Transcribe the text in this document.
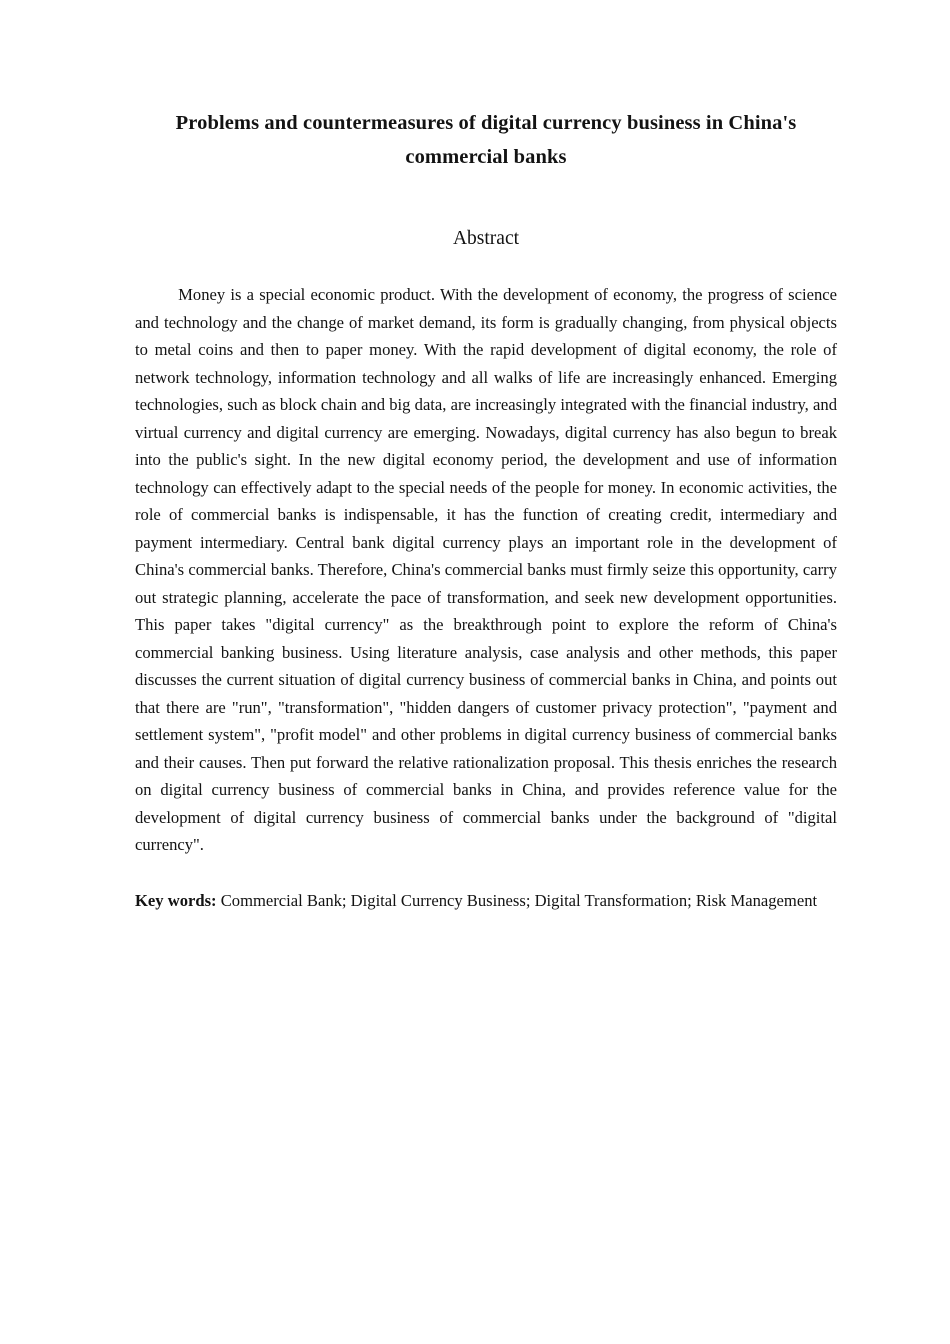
Problems and countermeasures of digital currency business in China's commercial banks
Abstract

Money is a special economic product. With the development of economy, the progress of science and technology and the change of market demand, its form is gradually changing, from physical objects to metal coins and then to paper money. With the rapid development of digital economy, the role of network technology, information technology and all walks of life are increasingly enhanced. Emerging technologies, such as block chain and big data, are increasingly integrated with the financial industry, and virtual currency and digital currency are emerging. Nowadays, digital currency has also begun to break into the public's sight. In the new digital economy period, the development and use of information technology can effectively adapt to the special needs of the people for money. In economic activities, the role of commercial banks is indispensable, it has the function of creating credit, intermediary and payment intermediary. Central bank digital currency plays an important role in the development of China's commercial banks. Therefore, China's commercial banks must firmly seize this opportunity, carry out strategic planning, accelerate the pace of transformation, and seek new development opportunities. This paper takes "digital currency" as the breakthrough point to explore the reform of China's commercial banking business. Using literature analysis, case analysis and other methods, this paper discusses the current situation of digital currency business of commercial banks in China, and points out that there are "run", "transformation", "hidden dangers of customer privacy protection", "payment and settlement system", "profit model" and other problems in digital currency business of commercial banks and their causes. Then put forward the relative rationalization proposal. This thesis enriches the research on digital currency business of commercial banks in China, and provides reference value for the development of digital currency business of commercial banks under the background of "digital currency".

Key words: Commercial Bank; Digital Currency Business; Digital Transformation; Risk Management
